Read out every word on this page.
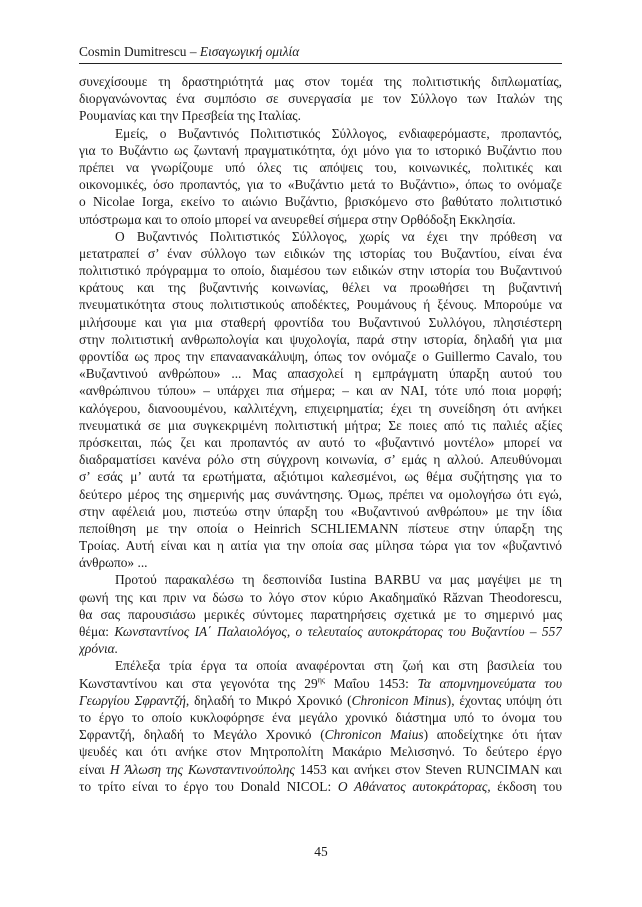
Cosmin Dumitrescu – Εισαγωγική ομιλία
συνεχίσουμε τη δραστηριότητά μας στον τομέα της πολιτιστικής διπλωματίας,
διοργανώνοντας ένα συμπόσιο σε συνεργασία με τον Σύλλογο των Ιταλών της
Ρουμανίας και την Πρεσβεία της Ιταλίας.
Εμείς, ο Βυζαντινός Πολιτιστικός Σύλλογος, ενδιαφερόμαστε, προπαντός,
για το Βυζάντιο ως ζωντανή πραγματικότητα, όχι μόνο για το ιστορικό Βυζάντιο που
πρέπει να γνωρίζουμε υπό όλες τις απόψεις του, κοινωνικές, πολιτικές και
οικονομικές, όσο προπαντός, για το «Βυζάντιο μετά το Βυζάντιο», όπως το ονόμαζε
ο Nicolae Iorga, εκείνο το αιώνιο Βυζάντιο, βρισκόμενο στο βαθύτατο πολιτιστικό
υπόστρωμα και το οποίο μπορεί να ανευρεθεί σήμερα στην Ορθόδοξη Εκκλησία.
Ο Βυζαντινός Πολιτιστικός Σύλλογος, χωρίς να έχει την πρόθεση να
μετατραπεί σ’ έναν σύλλογο των ειδικών της ιστορίας του Βυζαντίου, είναι ένα
πολιτιστικό πρόγραμμα το οποίο, διαμέσου των ειδικών στην ιστορία του Βυζαντινού
κράτους και της βυζαντινής κοινωνίας, θέλει να προωθήσει τη βυζαντινή
πνευματικότητα στους πολιτιστικούς αποδέκτες, Ρουμάνους ή ξένους. Μπορούμε να
μιλήσουμε και για μια σταθερή φροντίδα του Βυζαντινού Συλλόγου, πλησιέστερη
στην πολιτιστική ανθρωπολογία και ψυχολογία, παρά στην ιστορία, δηλαδή για μια
φροντίδα ως προς την επαναανακάλυψη, όπως τον ονόμαζε ο Guillermo Cavalo, του
«Βυζαντινού ανθρώπου» ... Μας απασχολεί η εμπράγματη ύπαρξη αυτού του
«ανθρώπινου τύπου» – υπάρχει πια σήμερα; – και αν ΝΑΙ, τότε υπό ποια μορφή;
καλόγερου, διανοουμένου, καλλιτέχνη, επιχειρηματία; έχει τη συνείδηση ότι ανήκει
πνευματικά σε μια συγκεκριμένη πολιτιστική μήτρα; Σε ποιες από τις παλιές αξίες
πρόσκειται, πώς ζει και προπαντός αν αυτό το «βυζαντινό μοντέλο» μπορεί να
διαδραματίσει κανένα ρόλο στη σύγχρονη κοινωνία, σ’ εμάς η αλλού. Απευθύνομαι
σ’ εσάς μ’ αυτά τα ερωτήματα, αξιότιμοι καλεσμένοι, ως θέμα συζήτησης για το
δεύτερο μέρος της σημερινής μας συνάντησης. Όμως, πρέπει να ομολογήσω ότι εγώ,
στην αφέλειά μου, πιστεύω στην ύπαρξη του «Βυζαντινού ανθρώπου» με την ίδια
πεποίθηση με την οποία ο Heinrich SCHLIEMANN πίστευε στην ύπαρξη της
Τροίας. Αυτή είναι και η αιτία για την οποία σας μίλησα τώρα για τον «βυζαντινό
άνθρωπο» ...
Προτού παρακαλέσω τη δεσποινίδα Iustina BARBU να μας μαγέψει με τη
φωνή της και πριν να δώσω το λόγο στον κύριο Ακαδημαϊκό Răzvan Theodorescu,
θα σας παρουσιάσω μερικές σύντομες παρατηρήσεις σχετικά με το σημερινό μας
θέμα: Κωνσταντίνος ΙΑ΄ Παλαιολόγος, ο τελευταίος αυτοκράτορας του Βυζαντίου – 557
χρόνια.
Επέλεξα τρία έργα τα οποία αναφέρονται στη ζωή και στη βασιλεία του
Κωνσταντίνου και στα γεγονότα της $29^{\eta\varsigma}$ Μαΐου 1453: Τα απομνημονεύματα του
Γεωργίου Σφραντζή, δηλαδή το Μικρό Χρονικό (Chronicon Minus), έχοντας υπόψη ότι
το έργο το οποίο κυκλοφόρησε ένα μεγάλο χρονικό διάστημα υπό το όνομα του
Σφραντζή, δηλαδή το Μεγάλο Χρονικό (Chronicon Maius) αποδείχτηκε ότι ήταν
ψευδές και ότι ανήκε στον Μητροπολίτη Μακάριο Μελισσηνό. Το δεύτερο έργο
είναι Η Άλωση της Κωνσταντινούπολης 1453 και ανήκει στον Steven RUNCIMAN και
το τρίτο είναι το έργο του Donald NICOL: Ο Αθάνατος αυτοκράτορας, έκδοση του
45
